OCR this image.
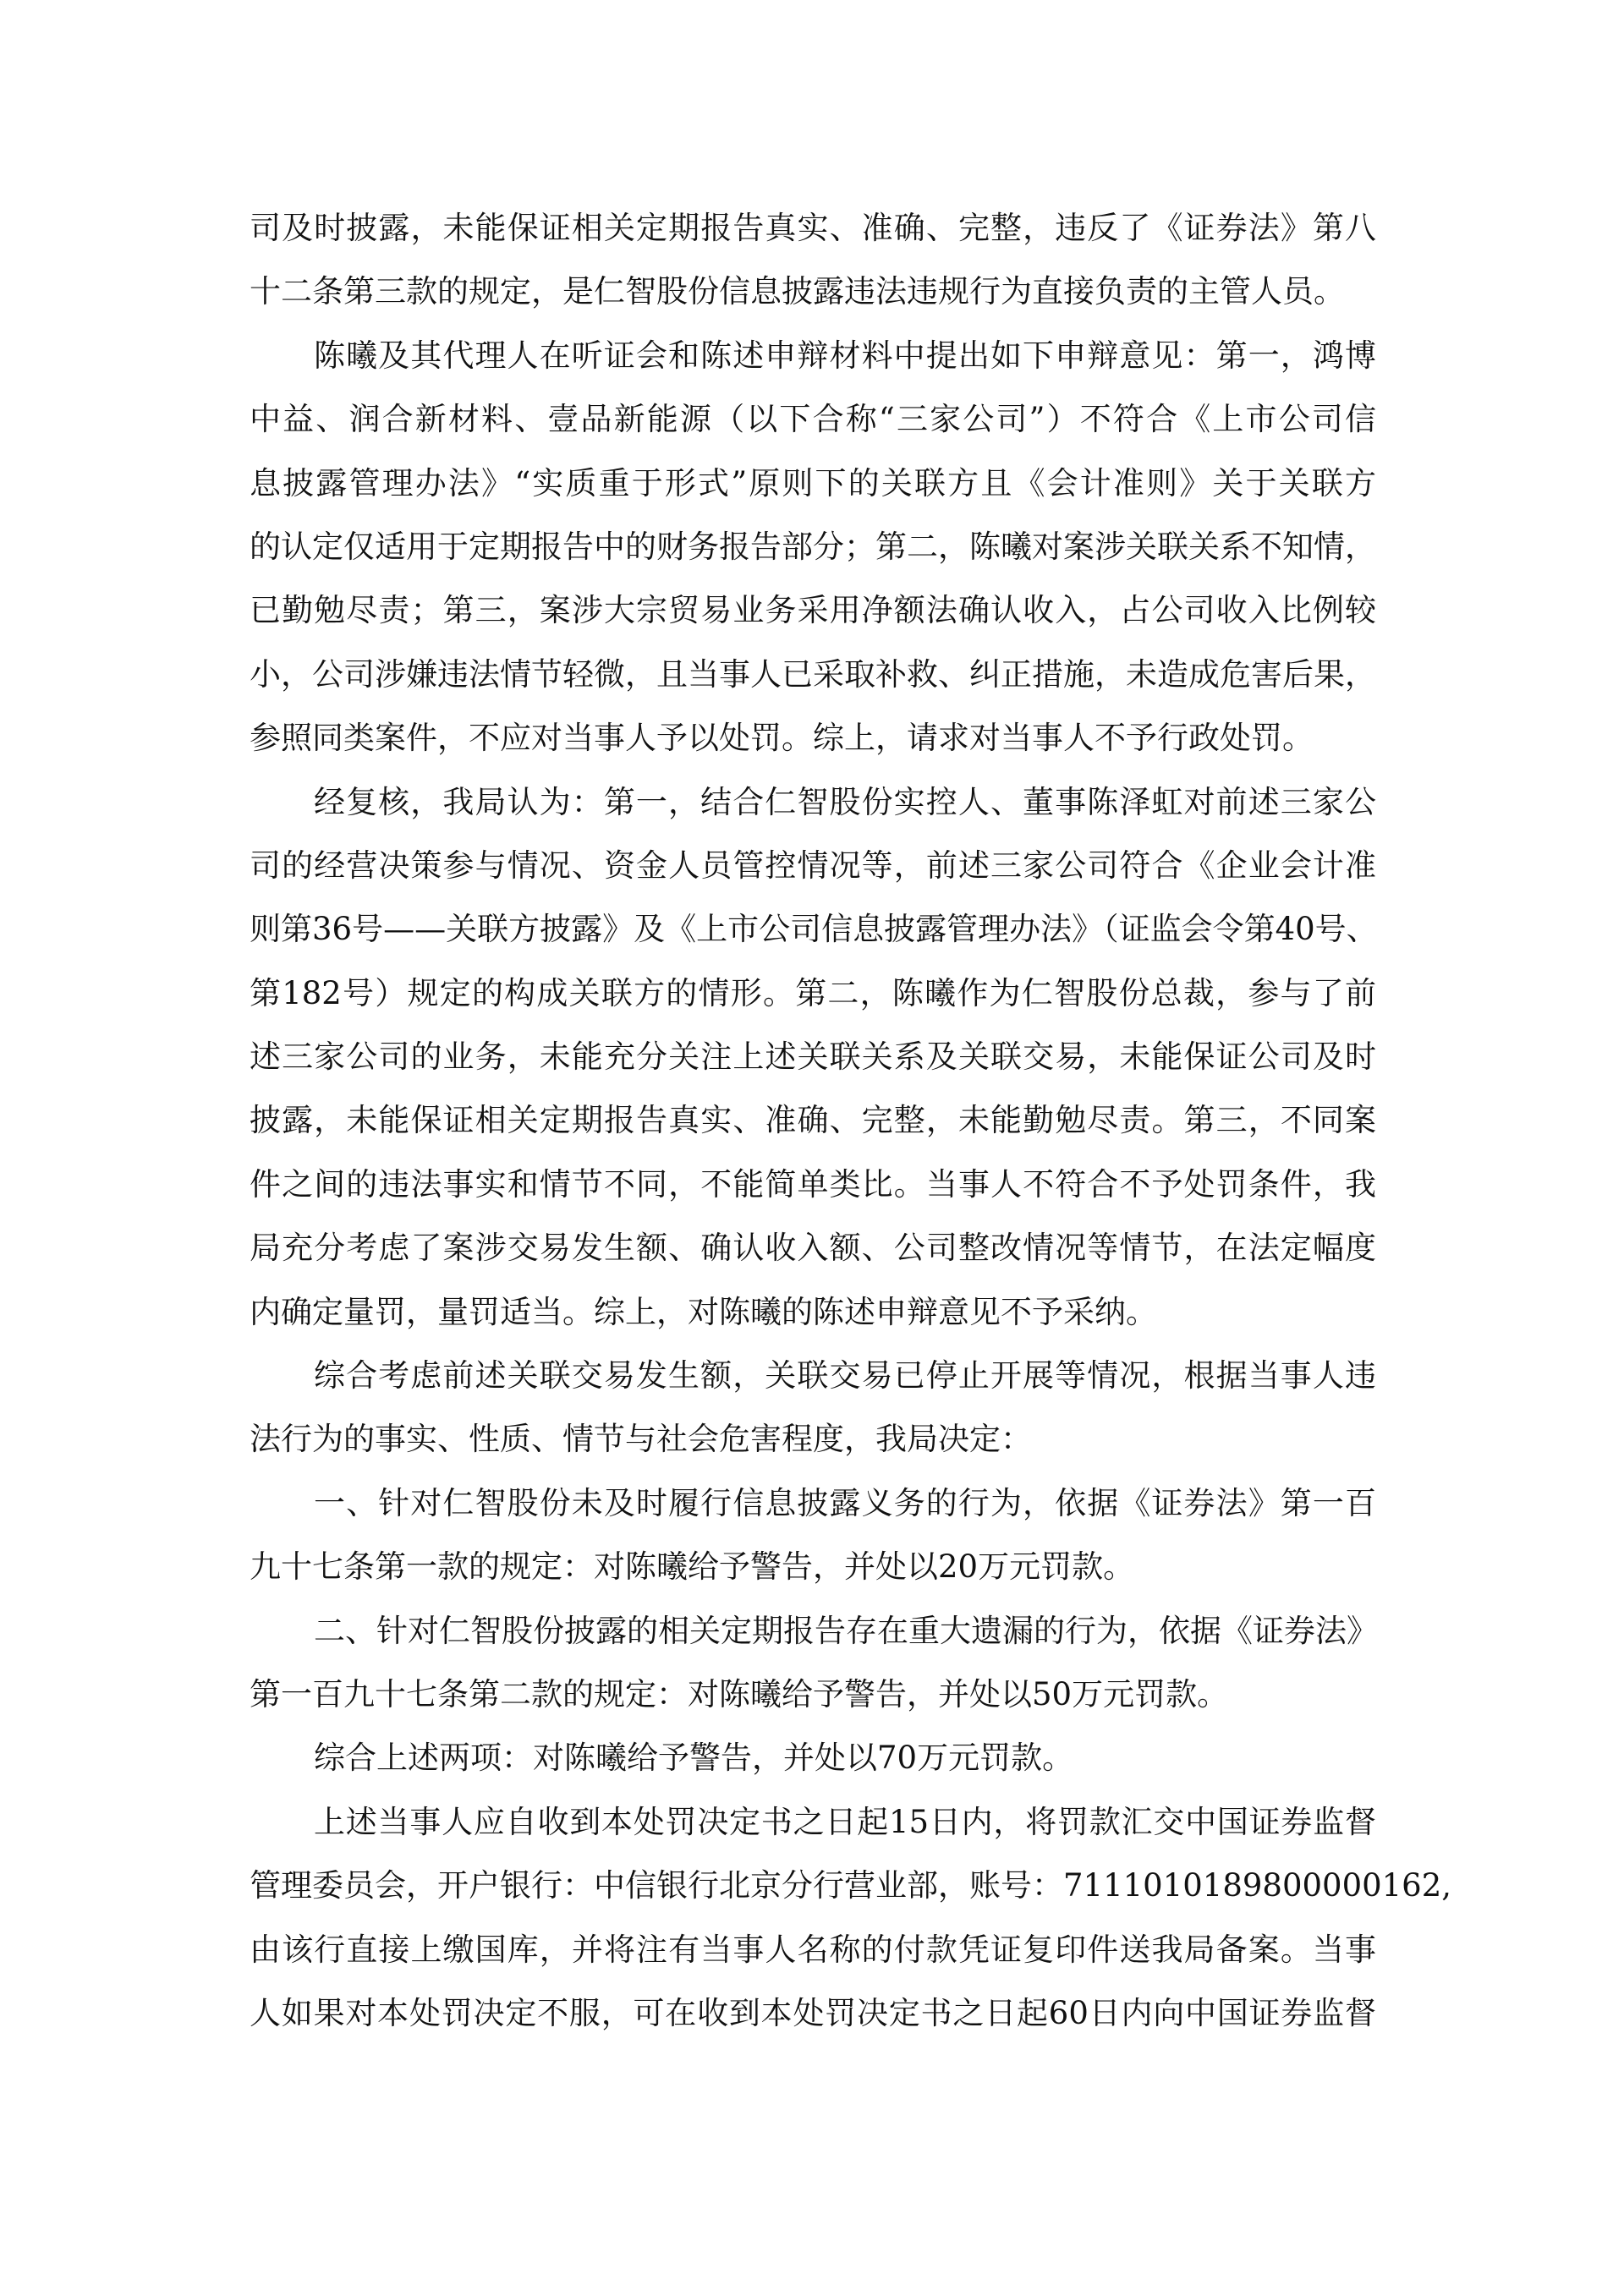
司及时披露，未能保证相关定期报告真实、准确、完整，违反了《证券法》第八
十二条第三款的规定，是仁智股份信息披露违法违规行为直接负责的主管人员。
陈曦及其代理人在听证会和陈述申辩材料中提出如下申辩意见：第一，鸿博
中益、润合新材料、壹品新能源（以下合称“三家公司”）不符合《上市公司信
息披露管理办法》“实质重于形式”原则下的关联方且《会计准则》关于关联方
的认定仅适用于定期报告中的财务报告部分；第二，陈曦对案涉关联关系不知情，
已勤勉尽责；第三，案涉大宗贸易业务采用净额法确认收入，占公司收入比例较
小，公司涉嫌违法情节轻微，且当事人已采取补救、纠正措施，未造成危害后果，
参照同类案件，不应对当事人予以处罚。综上，请求对当事人不予行政处罚。
经复核，我局认为：第一，结合仁智股份实控人、董事陈泽虹对前述三家公
司的经营决策参与情况、资金人员管控情况等，前述三家公司符合《企业会计准
则第36号——关联方披露》及《上市公司信息披露管理办法》（证监会令第40号、
第182号）规定的构成关联方的情形。第二，陈曦作为仁智股份总裁，参与了前
述三家公司的业务，未能充分关注上述关联关系及关联交易，未能保证公司及时
披露，未能保证相关定期报告真实、准确、完整，未能勤勉尽责。第三，不同案
件之间的违法事实和情节不同，不能简单类比。当事人不符合不予处罚条件，我
局充分考虑了案涉交易发生额、确认收入额、公司整改情况等情节，在法定幅度
内确定量罚，量罚适当。综上，对陈曦的陈述申辩意见不予采纳。
综合考虑前述关联交易发生额，关联交易已停止开展等情况，根据当事人违
法行为的事实、性质、情节与社会危害程度，我局决定：
一、针对仁智股份未及时履行信息披露义务的行为，依据《证券法》第一百
九十七条第一款的规定：对陈曦给予警告，并处以20万元罚款。
二、针对仁智股份披露的相关定期报告存在重大遗漏的行为，依据《证券法》
第一百九十七条第二款的规定：对陈曦给予警告，并处以50万元罚款。
综合上述两项：对陈曦给予警告，并处以70万元罚款。
上述当事人应自收到本处罚决定书之日起15日内，将罚款汇交中国证券监督
管理委员会，开户银行：中信银行北京分行营业部，账号：7111010189800000162,
由该行直接上缴国库，并将注有当事人名称的付款凭证复印件送我局备案。当事
人如果对本处罚决定不服，可在收到本处罚决定书之日起60日内向中国证券监督
